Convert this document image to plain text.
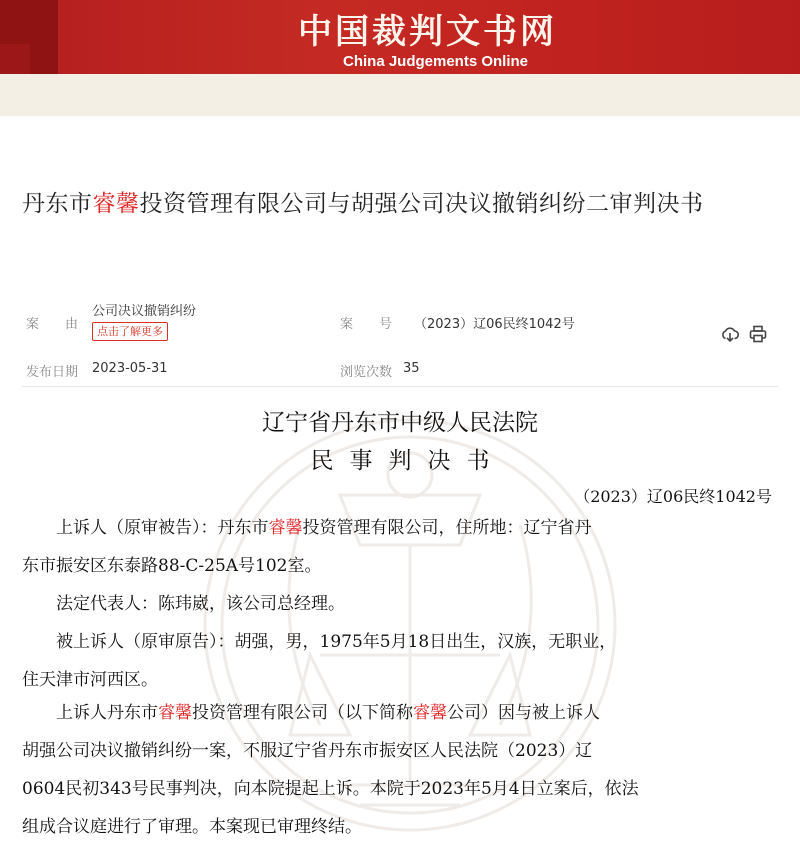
中国裁判文书网
China Judgements Online
丹东市睿馨投资管理有限公司与胡强公司决议撤销纠纷二审判决书
案　　由
公司决议撤销纠纷
点击了解更多	案　　号 （2023）辽06民终1042号
发布日期 2023-05-31	浏览次数 35
辽宁省丹东市中级人民法院
民事判决书
（2023）辽06民终1042号
　　上诉人（原审被告）：丹东市睿馨投资管理有限公司，住所地：辽宁省丹
东市振安区东泰路88-C-25A号102室。
　　法定代表人：陈玮崴，该公司总经理。
　　被上诉人（原审原告）：胡强，男，1975年5月18日出生，汉族，无职业，
住天津市河西区。
　　上诉人丹东市睿馨投资管理有限公司（以下简称睿馨公司）因与被上诉人
胡强公司决议撤销纠纷一案，不服辽宁省丹东市振安区人民法院（2023）辽
0604民初343号民事判决，向本院提起上诉。本院于2023年5月4日立案后，依法
组成合议庭进行了审理。本案现已审理终结。
